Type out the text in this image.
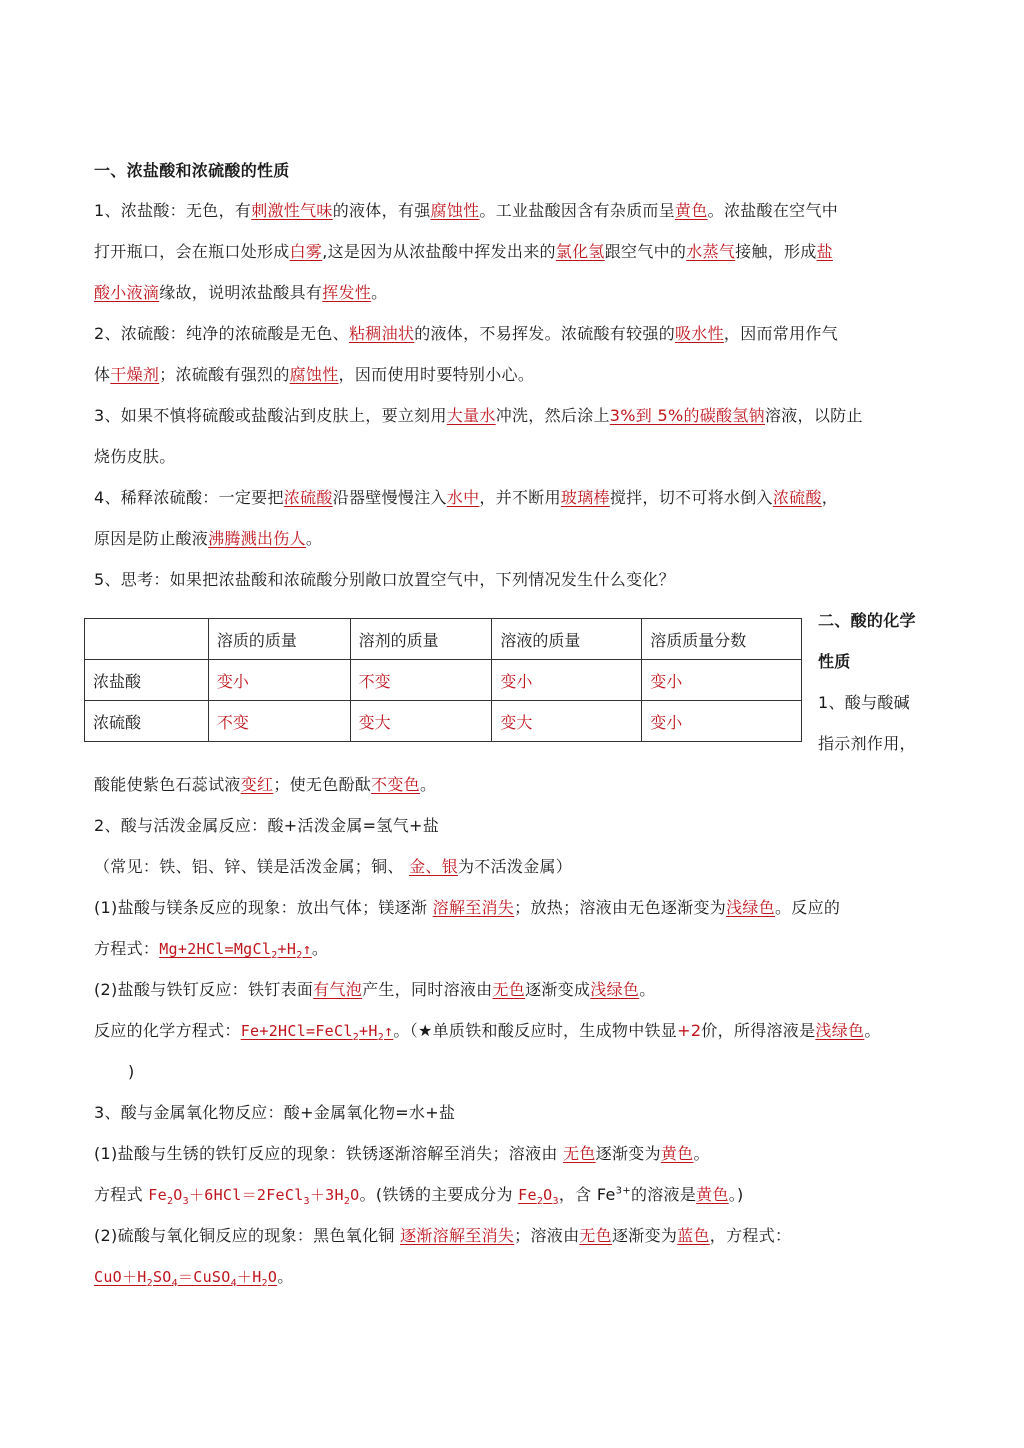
一、浓盐酸和浓硫酸的性质
1、浓盐酸：无色，有刺激性气味的液体，有强腐蚀性。工业盐酸因含有杂质而呈黄色。浓盐酸在空气中
打开瓶口，会在瓶口处形成白雾,这是因为从浓盐酸中挥发出来的氯化氢跟空气中的水蒸气接触，形成盐
酸小液滴缘故，说明浓盐酸具有挥发性。
2、浓硫酸：纯净的浓硫酸是无色、粘稠油状的液体，不易挥发。浓硫酸有较强的吸水性，因而常用作气
体干燥剂；浓硫酸有强烈的腐蚀性，因而使用时要特别小心。
3、如果不慎将硫酸或盐酸沾到皮肤上，要立刻用大量水冲洗，然后涂上3%到 5%的碳酸氢钠溶液，以防止
烧伤皮肤。
4、稀释浓硫酸：一定要把浓硫酸沿器壁慢慢注入水中，并不断用玻璃棒搅拌，切不可将水倒入浓硫酸，
原因是防止酸液沸腾溅出伤人。
5、思考：如果把浓盐酸和浓硫酸分别敞口放置空气中，下列情况发生什么变化？
	溶质的质量	溶剂的质量	溶液的质量	溶质质量分数
浓盐酸	变小	不变	变小	变小
浓硫酸	不变	变大	变大	变小
二、酸的化学
性质
1、酸与酸碱
指示剂作用，
酸能使紫色石蕊试液变红；使无色酚酞不变色。
2、酸与活泼金属反应：酸+活泼金属=氢气+盐
（常见：铁、铝、锌、镁是活泼金属；铜、 金、银为不活泼金属）
(1)盐酸与镁条反应的现象：放出气体；镁逐渐 溶解至消失；放热；溶液由无色逐渐变为浅绿色。反应的
方程式：$Mg+2HCl=MgCl_2+H_2↑$。
(2)盐酸与铁钉反应：铁钉表面有气泡产生，同时溶液由无色逐渐变成浅绿色。
反应的化学方程式：$Fe+2HCl=FeCl_2+H_2↑$。（★单质铁和酸反应时，生成物中铁显+2价，所得溶液是浅绿色。
)
3、酸与金属氧化物反应：酸+金属氧化物=水+盐
(1)盐酸与生锈的铁钉反应的现象：铁锈逐渐溶解至消失；溶液由 无色逐渐变为黄色。
方程式 $Fe_2O_3+6HCl=2FeCl_3+3H_2O$。(铁锈的主要成分为 $Fe_2O_3$，含 $Fe^{3+}$的溶液是黄色。)
(2)硫酸与氧化铜反应的现象：黑色氧化铜 逐渐溶解至消失；溶液由无色逐渐变为蓝色，方程式：
$CuO+H_2SO_4=CuSO_4+H_2O$。
